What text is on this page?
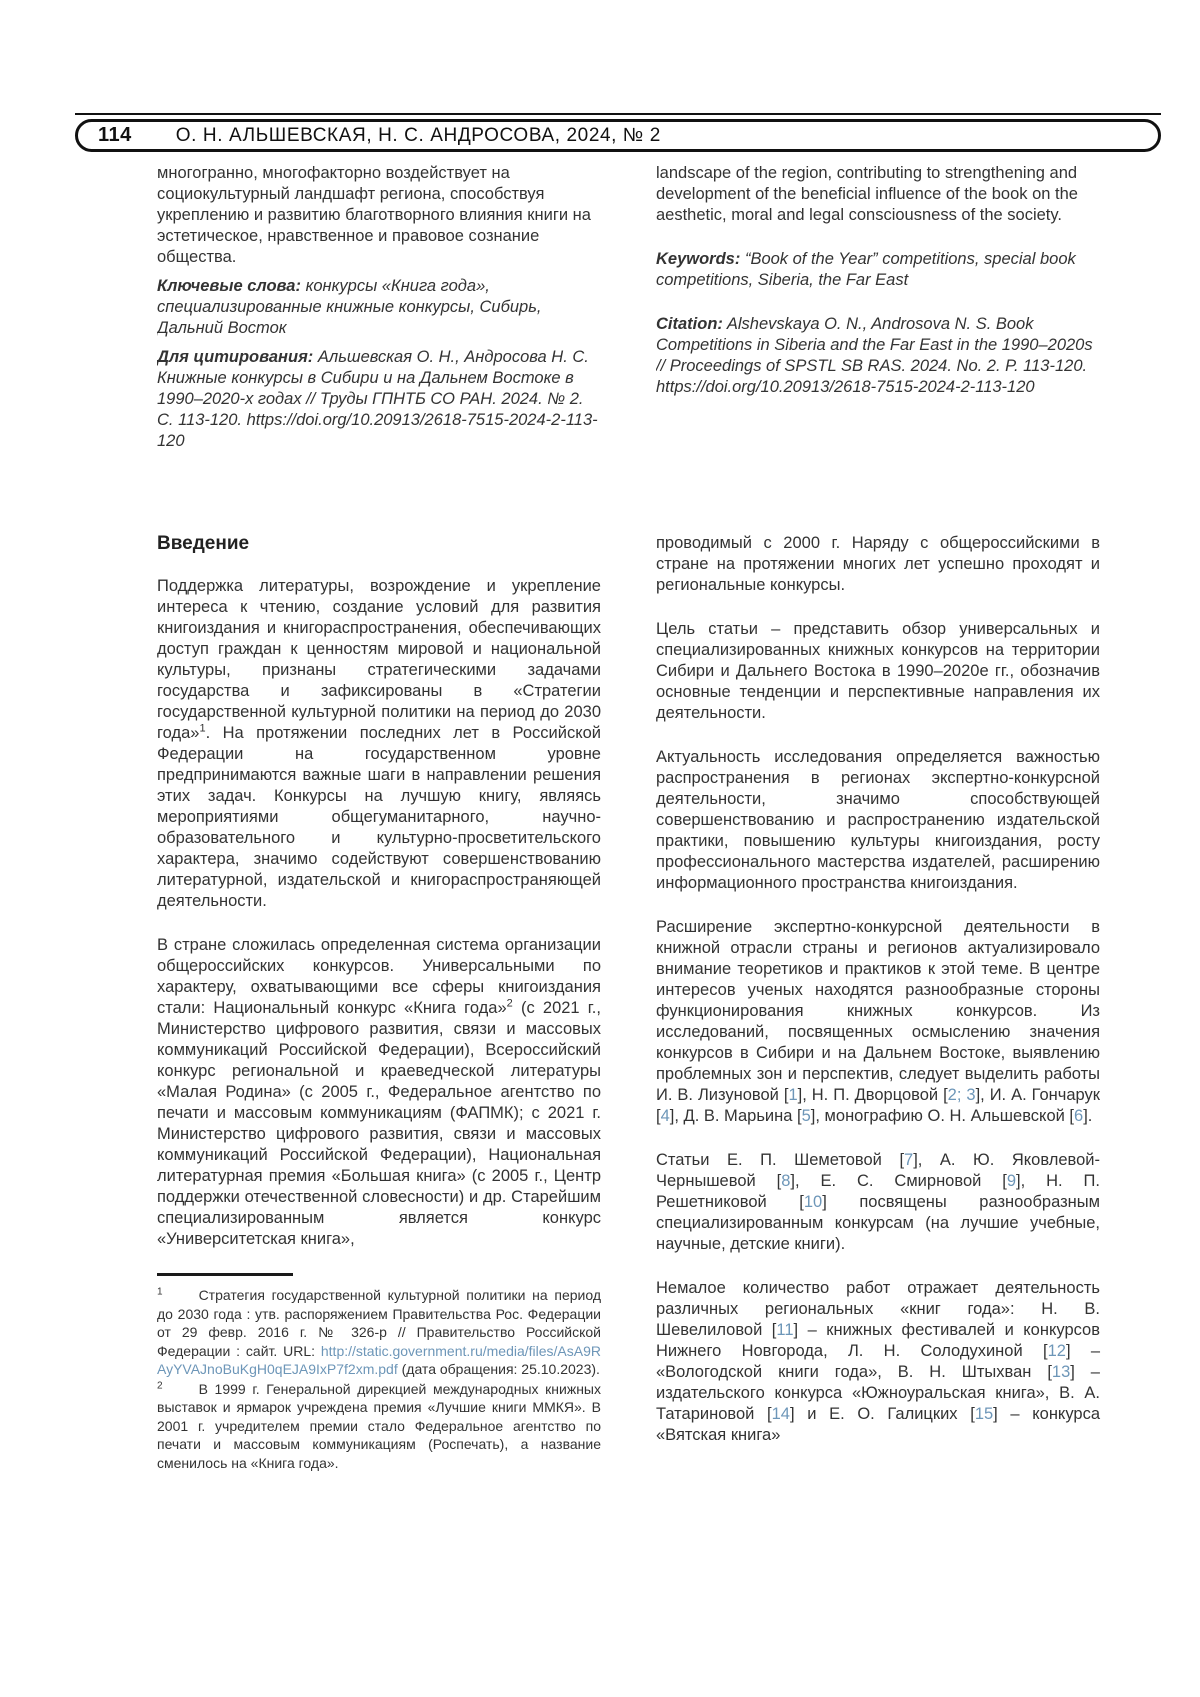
114 О. Н. АЛЬШЕВСКАЯ, Н. С. АНДРОСОВА, 2024, № 2

многогранно, многофакторно воздействует на социокультурный ландшафт региона, способствуя укреплению и развитию благотворного влияния книги на эстетическое, нравственное и правовое сознание общества.

Ключевые слова: конкурсы «Книга года», специализированные книжные конкурсы, Сибирь, Дальний Восток

Для цитирования: Альшевская О. Н., Андросова Н. С. Книжные конкурсы в Сибири и на Дальнем Востоке в 1990–2020-х годах // Труды ГПНТБ СО РАН. 2024. № 2. С. 113-120. https://doi.org/10.20913/2618-7515-2024-2-113-120

Введение

Поддержка литературы, возрождение и укрепление интереса к чтению, создание условий для развития книгоиздания и книгораспространения, обеспечивающих доступ граждан к ценностям мировой и национальной культуры, признаны стратегическими задачами государства и зафиксированы в «Стратегии государственной культурной политики на период до 2030 года»$^1$. На протяжении последних лет в Российской Федерации на государственном уровне предпринимаются важные шаги в направлении решения этих задач. Конкурсы на лучшую книгу, являясь мероприятиями общегуманитарного, научно-образовательного и культурно-просветительского характера, значимо содействуют совершенствованию литературной, издательской и книгораспространяющей деятельности.

В стране сложилась определенная система организации общероссийских конкурсов. Универсальными по характеру, охватывающими все сферы книгоиздания стали: Национальный конкурс «Книга года»$^2$ (с 2021 г., Министерство цифрового развития, связи и массовых коммуникаций Российской Федерации), Всероссийский конкурс региональной и краеведческой литературы «Малая Родина» (с 2005 г., Федеральное агентство по печати и массовым коммуникациям (ФАПМК); с 2021 г. Министерство цифрового развития, связи и массовых коммуникаций Российской Федерации), Национальная литературная премия «Большая книга» (с 2005 г., Центр поддержки отечественной словесности) и др. Старейшим специализированным является конкурс «Университетская книга»,

$^1$	Стратегия государственной культурной политики на период до 2030 года : утв. распоряжением Правительства Рос. Федерации от 29 февр. 2016 г. № 326-р // Правительство Российской Федерации : сайт. URL: http://static.government.ru/media/files/AsA9RAyYVAJnoBuKgH0qEJA9IxP7f2xm.pdf (дата обращения: 25.10.2023).

$^2$	В 1999 г. Генеральной дирекцией международных книжных выставок и ярмарок учреждена премия «Лучшие книги ММКЯ». В 2001 г. учредителем премии стало Федеральное агентство по печати и массовым коммуникациям (Роспечать), а название сменилось на «Книга года».

landscape of the region, contributing to strengthening and development of the beneficial influence of the book on the aesthetic, moral and legal consciousness of the society.

Keywords: “Book of the Year” competitions, special book competitions, Siberia, the Far East

Citation: Alshevskaya O. N., Androsova N. S. Book Competitions in Siberia and the Far East in the 1990–2020s // Proceedings of SPSTL SB RAS. 2024. No. 2. P. 113-120. https://doi.org/10.20913/2618-7515-2024-2-113-120

проводимый с 2000 г. Наряду с общероссийскими в стране на протяжении многих лет успешно проходят и региональные конкурсы.

Цель статьи – представить обзор универсальных и специализированных книжных конкурсов на территории Сибири и Дальнего Востока в 1990–2020е гг., обозначив основные тенденции и перспективные направления их деятельности.

Актуальность исследования определяется важностью распространения в регионах экспертно-конкурсной деятельности, значимо способствующей совершенствованию и распространению издательской практики, повышению культуры книгоиздания, росту профессионального мастерства издателей, расширению информационного пространства книгоиздания.

Расширение экспертно-конкурсной деятельности в книжной отрасли страны и регионов актуализировало внимание теоретиков и практиков к этой теме. В центре интересов ученых находятся разнообразные стороны функционирования книжных конкурсов. Из исследований, посвященных осмыслению значения конкурсов в Сибири и на Дальнем Востоке, выявлению проблемных зон и перспектив, следует выделить работы И. В. Лизуновой [1], Н. П. Дворцовой [2; 3], И. А. Гончарук [4], Д. В. Марьина [5], монографию О. Н. Альшевской [6].

Статьи Е. П. Шеметовой [7], А. Ю. Яковлевой-Чернышевой [8], Е. С. Смирновой [9], Н. П. Решетниковой [10] посвящены разнообразным специализированным конкурсам (на лучшие учебные, научные, детские книги).

Немалое количество работ отражает деятельность различных региональных «книг года»: Н. В. Шевелиловой [11] – книжных фестивалей и конкурсов Нижнего Новгорода, Л. Н. Солодухиной [12] – «Вологодской книги года», В. Н. Штыхван [13] – издательского конкурса «Южноуральская книга», В. А. Татариновой [14] и Е. О. Галицких [15] – конкурса «Вятская книга»
